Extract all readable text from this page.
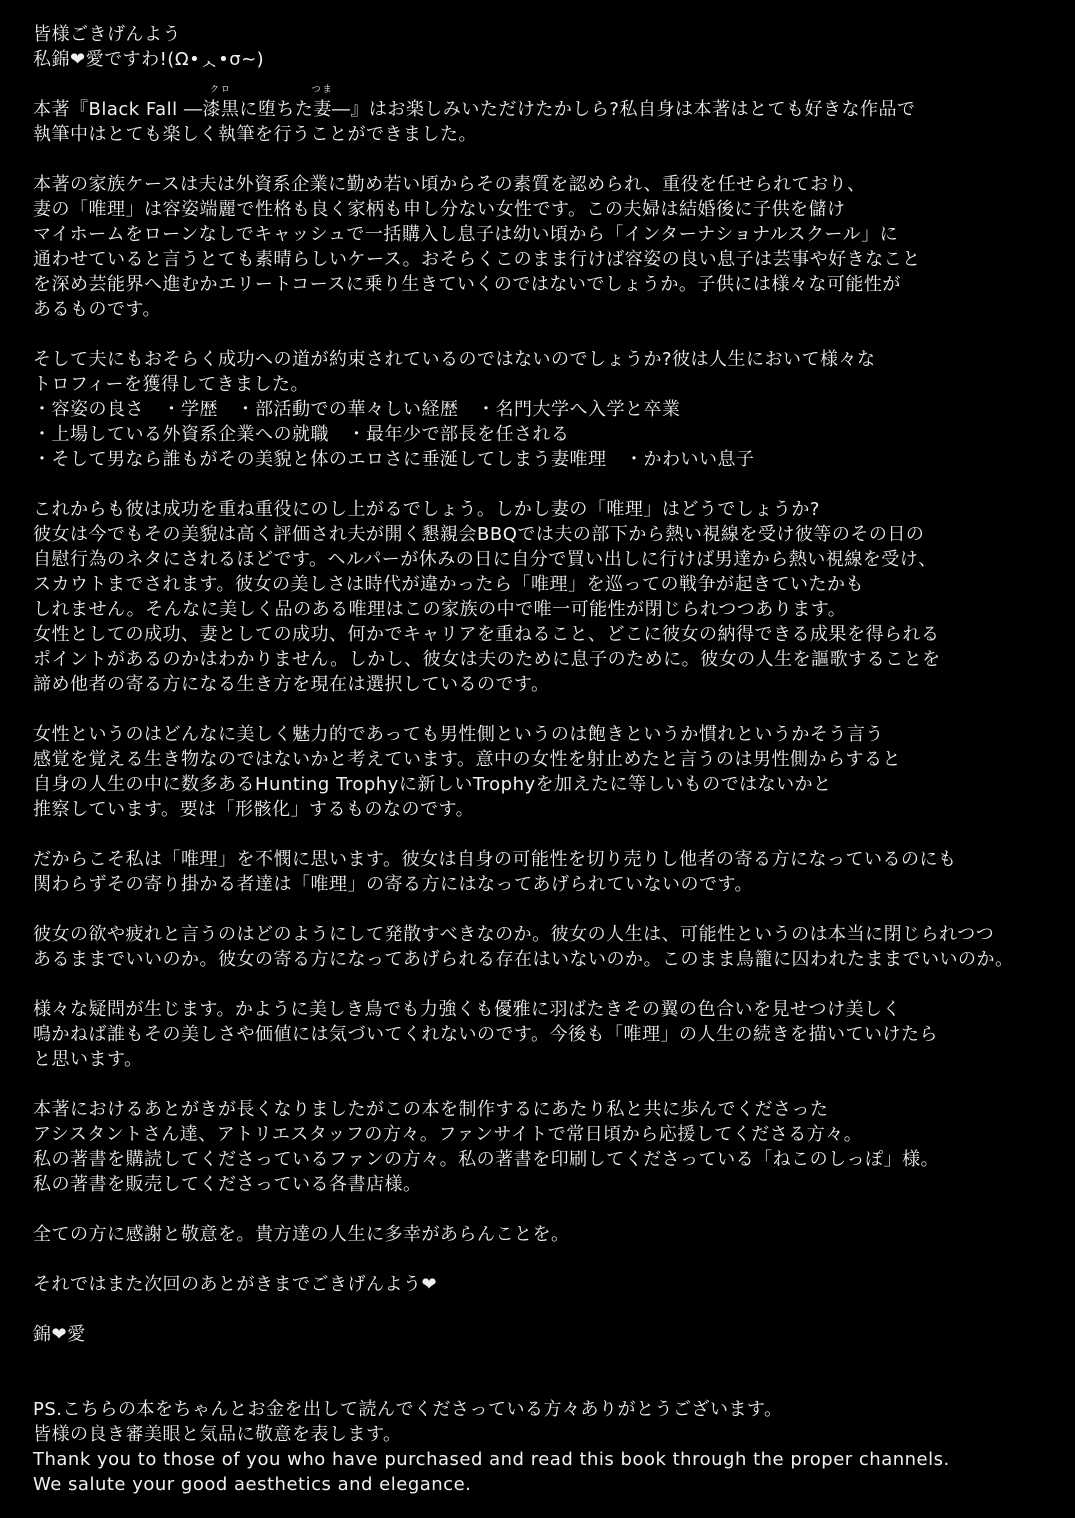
皆様ごきげんよう
私錦❤愛ですわ!(Ω•ᆺ•σ~)
本著『Black Fall ―漆黒
クロ
に堕ちた妻
つま
―』はお楽しみいただけたかしら?私自身は本著はとても好きな作品で
執筆中はとても楽しく執筆を行うことができました。
本著の家族ケースは夫は外資系企業に勤め若い頃からその素質を認められ、重役を任せられており、
妻の「唯理」は容姿端麗で性格も良く家柄も申し分ない女性です。この夫婦は結婚後に子供を儲け
マイホームをローンなしでキャッシュで一括購入し息子は幼い頃から「インターナショナルスクール」に
通わせていると言うとても素晴らしいケース。おそらくこのまま行けば容姿の良い息子は芸事や好きなこと
を深め芸能界へ進むかエリートコースに乗り生きていくのではないでしょうか。子供には様々な可能性が
あるものです。
そして夫にもおそらく成功への道が約束されているのではないのでしょうか?彼は人生において様々な
トロフィーを獲得してきました。
・容姿の良さ　・学歴　・部活動での華々しい経歴　・名門大学へ入学と卒業
・上場している外資系企業への就職　・最年少で部長を任される
・そして男なら誰もがその美貌と体のエロさに垂涎してしまう妻唯理　・かわいい息子
これからも彼は成功を重ね重役にのし上がるでしょう。しかし妻の「唯理」はどうでしょうか?
彼女は今でもその美貌は高く評価され夫が開く懇親会BBQでは夫の部下から熱い視線を受け彼等のその日の
自慰行為のネタにされるほどです。ヘルパーが休みの日に自分で買い出しに行けば男達から熱い視線を受け、
スカウトまでされます。彼女の美しさは時代が違かったら「唯理」を巡っての戦争が起きていたかも
しれません。そんなに美しく品のある唯理はこの家族の中で唯一可能性が閉じられつつあります。
女性としての成功、妻としての成功、何かでキャリアを重ねること、どこに彼女の納得できる成果を得られる
ポイントがあるのかはわかりません。しかし、彼女は夫のために息子のために。彼女の人生を謳歌することを
諦め他者の寄る方になる生き方を現在は選択しているのです。
女性というのはどんなに美しく魅力的であっても男性側というのは飽きというか慣れというかそう言う
感覚を覚える生き物なのではないかと考えています。意中の女性を射止めたと言うのは男性側からすると
自身の人生の中に数多あるHunting Trophyに新しいTrophyを加えたに等しいものではないかと
推察しています。要は「形骸化」するものなのです。
だからこそ私は「唯理」を不憫に思います。彼女は自身の可能性を切り売りし他者の寄る方になっているのにも
関わらずその寄り掛かる者達は「唯理」の寄る方にはなってあげられていないのです。
彼女の欲や疲れと言うのはどのようにして発散すべきなのか。彼女の人生は、可能性というのは本当に閉じられつつ
あるままでいいのか。彼女の寄る方になってあげられる存在はいないのか。このまま鳥籠に囚われたままでいいのか。
様々な疑問が生じます。かように美しき鳥でも力強くも優雅に羽ばたきその翼の色合いを見せつけ美しく
鳴かねば誰もその美しさや価値には気づいてくれないのです。今後も「唯理」の人生の続きを描いていけたら
と思います。
本著におけるあとがきが長くなりましたがこの本を制作するにあたり私と共に歩んでくださった
アシスタントさん達、アトリエスタッフの方々。ファンサイトで常日頃から応援してくださる方々。
私の著書を購読してくださっているファンの方々。私の著書を印刷してくださっている「ねこのしっぽ」様。
私の著書を販売してくださっている各書店様。
全ての方に感謝と敬意を。貴方達の人生に多幸があらんことを。
それではまた次回のあとがきまでごきげんよう❤
錦❤愛
PS.こちらの本をちゃんとお金を出して読んでくださっている方々ありがとうございます。
皆様の良き審美眼と気品に敬意を表します。
Thank you to those of you who have purchased and read this book through the proper channels.
We salute your good aesthetics and elegance.
